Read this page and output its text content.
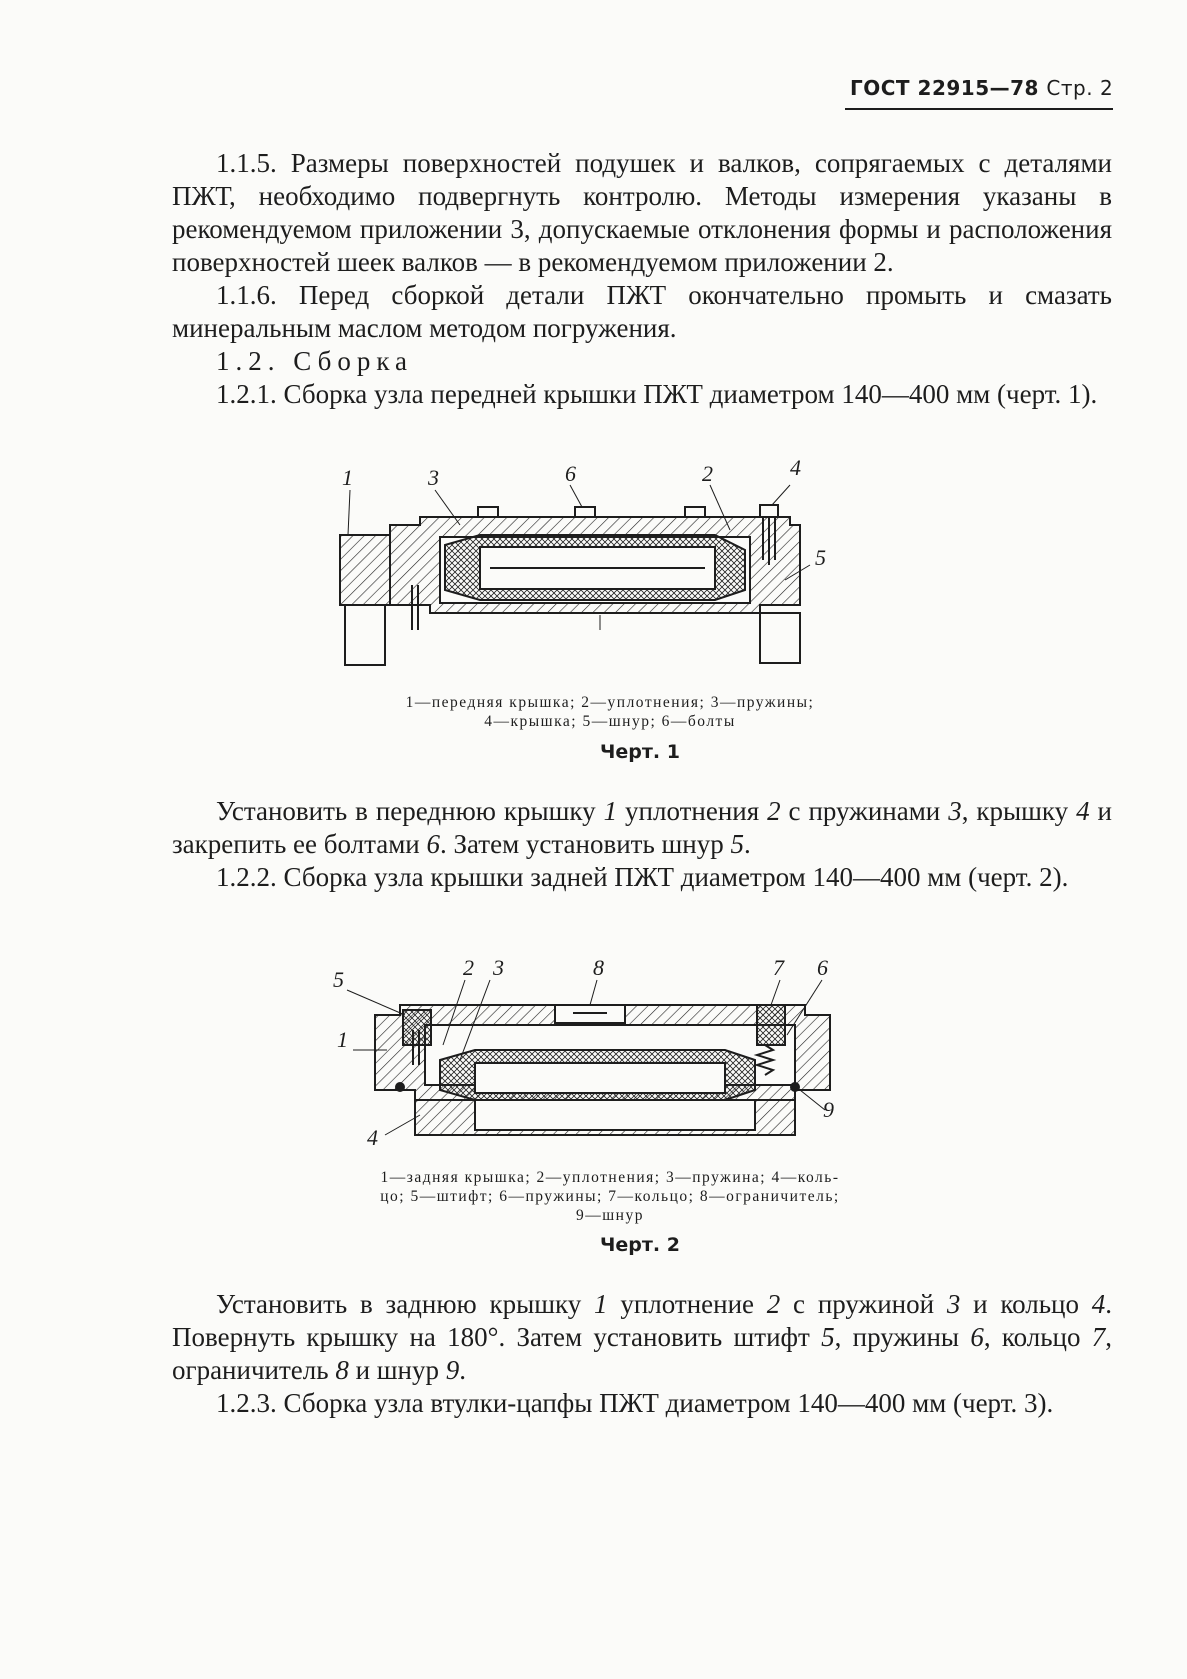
ГОСТ 22915—78 Стр. 2

1.1.5. Размеры поверхностей подушек и валков, сопрягаемых с деталями ПЖТ, необходимо подвергнуть контролю. Методы измерения указаны в рекомендуемом приложении 3, допускаемые отклонения формы и расположения поверхностей шеек валков — в рекомендуемом приложении 2.

1.1.6. Перед сборкой детали ПЖТ окончательно промыть и смазать минеральным маслом методом погружения.

1.2. Сборка

1.2.1. Сборка узла передней крышки ПЖТ диаметром 140—400 мм (черт. 1).

1	3	6	2	4
5
1—передняя крышка; 2—уплотнения; 3—пружины;
4—крышка; 5—шнур; 6—болты
Черт. 1

Установить в переднюю крышку 1 уплотнения 2 с пружинами 3, крышку 4 и закрепить ее болтами 6. Затем установить шнур 5.

1.2.2. Сборка узла крышки задней ПЖТ диаметром 140—400 мм (черт. 2).

5
1
2 3	8	7 6
9
4
1—задняя крышка; 2—уплотнения; 3—пружина; 4—коль-
цо; 5—штифт; 6—пружины; 7—кольцо; 8—ограничитель;
9—шнур
Черт. 2

Установить в заднюю крышку 1 уплотнение 2 с пружиной 3 и кольцо 4. Повернуть крышку на 180°. Затем установить штифт 5, пружины 6, кольцо 7, ограничитель 8 и шнур 9.

1.2.3. Сборка узла втулки-цапфы ПЖТ диаметром 140—400 мм (черт. 3).
